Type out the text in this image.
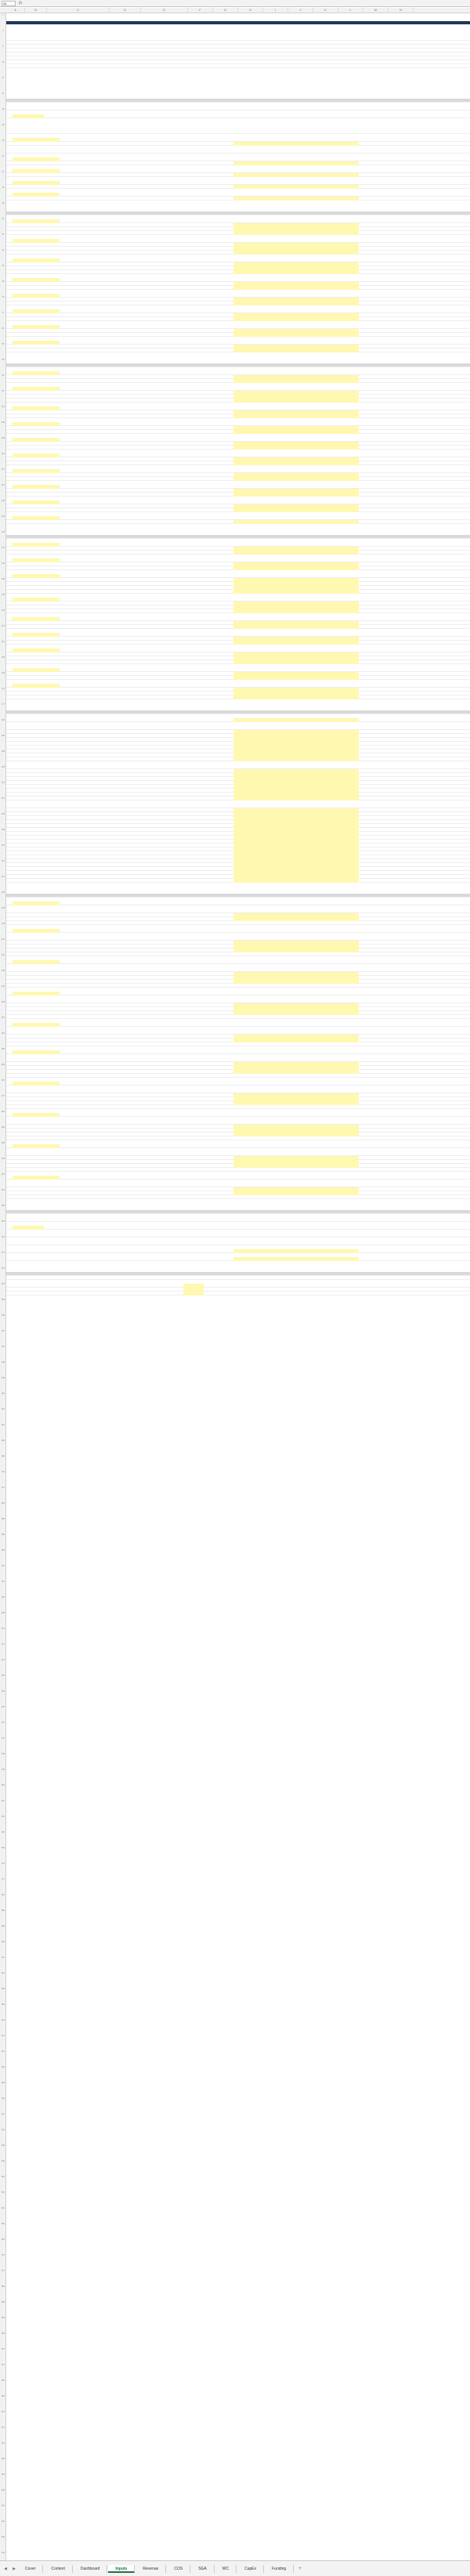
A1	fx
A	B	C	D	E	F	G	H	I	J	K	L	M	N
1
5
9
13
17
21
25
29
33
37
41
45
49
53
57
61
65
69
73
77
81
85
89
93
97
101
105
109
113
117
121
125
129
133
137
141
145
149
153
157
161
165
169
173
177
181
185
189
193
197
201
205
209
213
217
221
225
229
233
237
241
245
249
253
257
261
265
269
273
277
281
285
289
293
297
301
305
309
313
317
321
325
329
333
337
341
345
349
353
357
361
365
369
373
377
381
385
389
393
397
401
405
409
413
417
421
425
429
433
437
441
445
449
453
457
461
465
469
473
477
481
485
489
493
497
501
505
509
513
517
521
525
529
533
537
541
545
549
553
557
561
565
569
573
577
581
585
589
593
597
601
605
609
613
617
621
625
629
633
637
641
645
649
◀	▶	Cover	Content	Dashboard	Inputs	Revenue	COS	SGA	WC	CapEx	Funding	+
